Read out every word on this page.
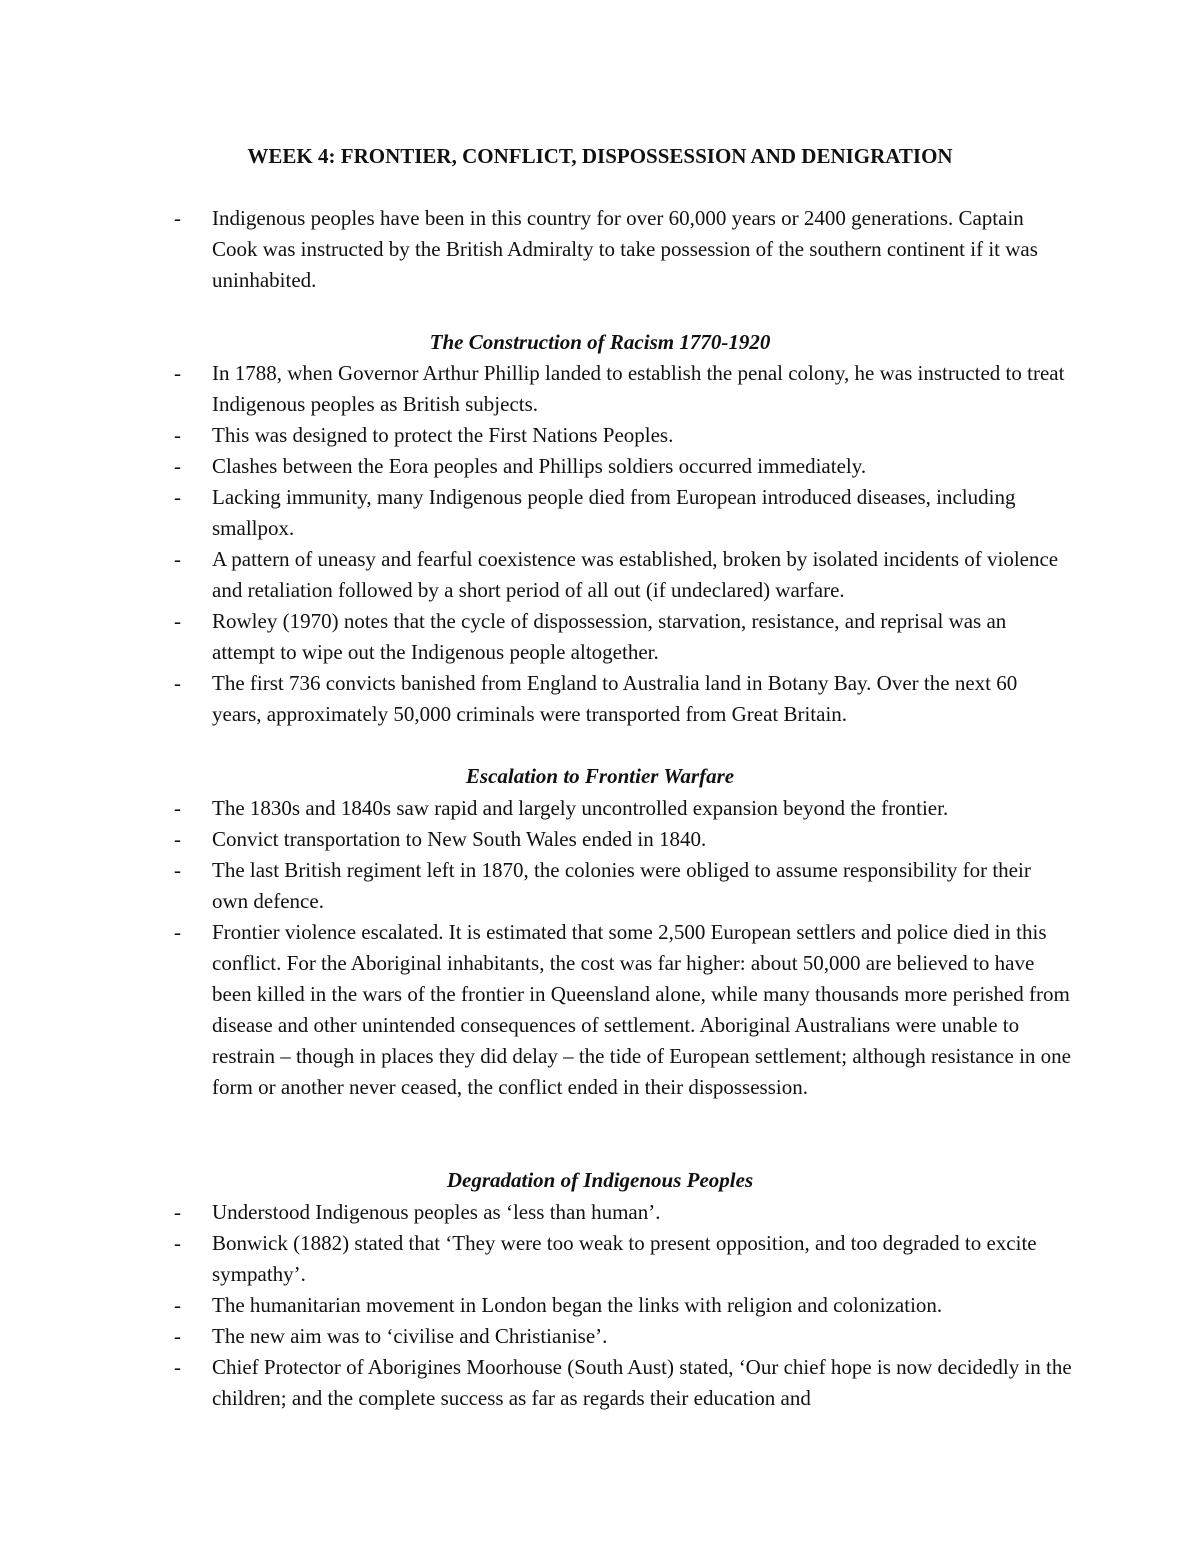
WEEK 4: FRONTIER, CONFLICT, DISPOSSESSION AND DENIGRATION
- Indigenous peoples have been in this country for over 60,000 years or 2400 generations. Captain Cook was instructed by the British Admiralty to take possession of the southern continent if it was uninhabited.
The Construction of Racism 1770-1920
- In 1788, when Governor Arthur Phillip landed to establish the penal colony, he was instructed to treat Indigenous peoples as British subjects.
- This was designed to protect the First Nations Peoples.
- Clashes between the Eora peoples and Phillips soldiers occurred immediately.
- Lacking immunity, many Indigenous people died from European introduced diseases, including smallpox.
- A pattern of uneasy and fearful coexistence was established, broken by isolated incidents of violence and retaliation followed by a short period of all out (if undeclared) warfare.
- Rowley (1970) notes that the cycle of dispossession, starvation, resistance, and reprisal was an attempt to wipe out the Indigenous people altogether.
- The first 736 convicts banished from England to Australia land in Botany Bay. Over the next 60 years, approximately 50,000 criminals were transported from Great Britain.
Escalation to Frontier Warfare
- The 1830s and 1840s saw rapid and largely uncontrolled expansion beyond the frontier.
- Convict transportation to New South Wales ended in 1840.
- The last British regiment left in 1870, the colonies were obliged to assume responsibility for their own defence.
- Frontier violence escalated. It is estimated that some 2,500 European settlers and police died in this conflict. For the Aboriginal inhabitants, the cost was far higher: about 50,000 are believed to have been killed in the wars of the frontier in Queensland alone, while many thousands more perished from disease and other unintended consequences of settlement. Aboriginal Australians were unable to restrain – though in places they did delay – the tide of European settlement; although resistance in one form or another never ceased, the conflict ended in their dispossession.
Degradation of Indigenous Peoples
- Understood Indigenous peoples as ‘less than human’.
- Bonwick (1882) stated that ‘They were too weak to present opposition, and too degraded to excite sympathy’.
- The humanitarian movement in London began the links with religion and colonization.
- The new aim was to ‘civilise and Christianise’.
- Chief Protector of Aborigines Moorhouse (South Aust) stated, ‘Our chief hope is now decidedly in the children; and the complete success as far as regards their education and
